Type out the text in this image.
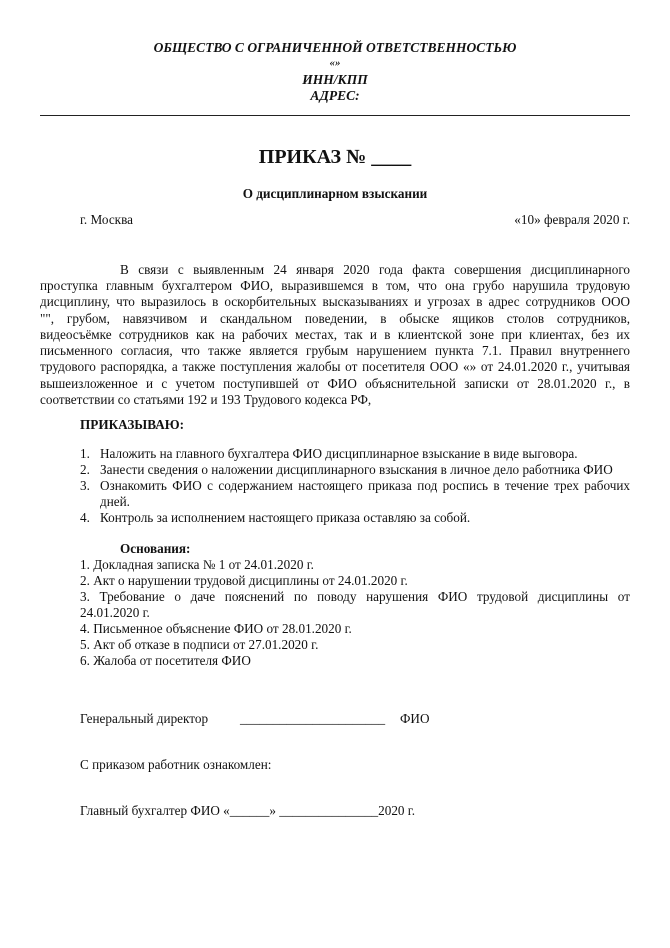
ОБЩЕСТВО С ОГРАНИЧЕННОЙ ОТВЕТСТВЕННОСТЬЮ
«»
ИНН/КПП
АДРЕС:
ПРИКАЗ № ____
О дисциплинарном взыскании
г. Москва	«10» февраля 2020 г.
В связи с выявленным 24 января 2020 года факта совершения дисциплинарного
проступка главным бухгалтером ФИО, выразившемся в том, что она грубо нарушила трудовую
дисциплину, что выразилось в оскорбительных высказываниях и угрозах в адрес сотрудников ООО
"", грубом, навязчивом и скандальном поведении, в обыске ящиков столов сотрудников,
видеосъёмке сотрудников как на рабочих местах, так и в клиентской зоне при клиентах, без их
письменного согласия, что также является грубым нарушением пункта 7.1. Правил внутреннего
трудового распорядка, а также поступления жалобы от посетителя ООО «» от 24.01.2020 г., учитывая
вышеизложенное и с учетом поступившей от ФИО объяснительной записки от 28.01.2020 г., в
соответствии со статьями 192 и 193 Трудового кодекса РФ,
ПРИКАЗЫВАЮ:
1. Наложить на главного бухгалтера ФИО дисциплинарное взыскание в виде выговора.
2. Занести сведения о наложении дисциплинарного взыскания в личное дело работника ФИО
3. Ознакомить ФИО с содержанием настоящего приказа под роспись в течение трех рабочих
дней.
4. Контроль за исполнением настоящего приказа оставляю за собой.
Основания:
1. Докладная записка № 1 от 24.01.2020 г.
2. Акт о нарушении трудовой дисциплины от 24.01.2020 г.
3. Требование о даче пояснений по поводу нарушения ФИО трудовой дисциплины от
24.01.2020 г.
4. Письменное объяснение ФИО от 28.01.2020 г.
5. Акт об отказе в подписи от 27.01.2020 г.
6. Жалоба от посетителя ФИО
Генеральный директор ______________________ ФИО
С приказом работник ознакомлен:
Главный бухгалтер ФИО «______» _______________2020 г.
